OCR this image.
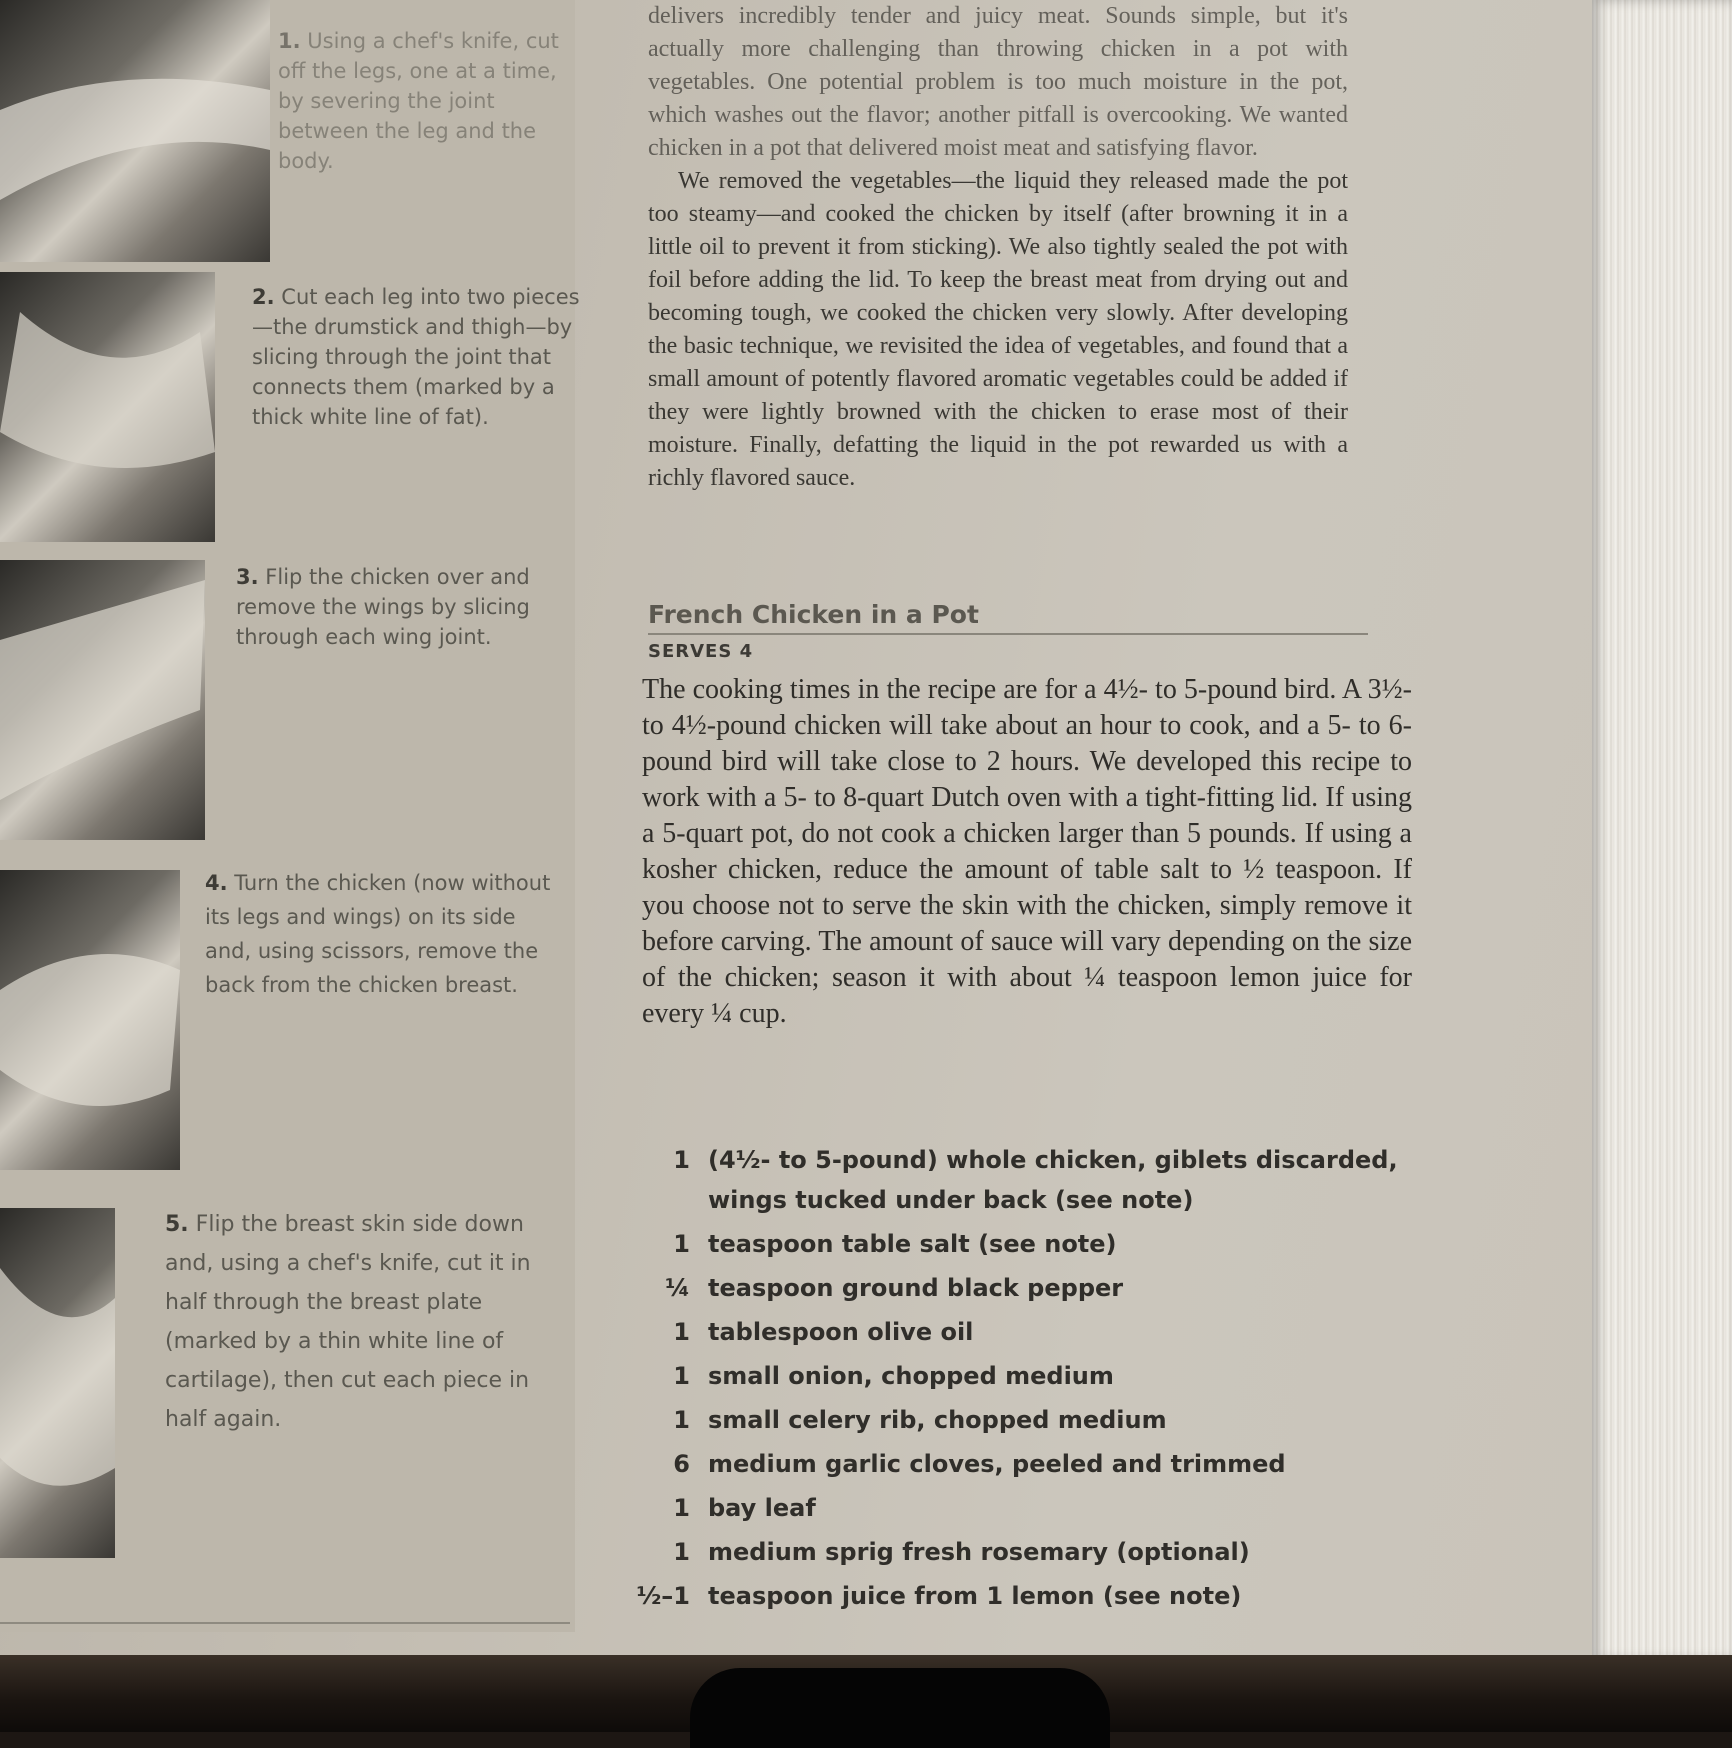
1. Using a chef's knife, cut off the legs, one at a time, by severing the joint between the leg and the body.
2. Cut each leg into two pieces—the drumstick and thigh—by slicing through the joint that connects them (marked by a thick white line of fat).
3. Flip the chicken over and remove the wings by slicing through each wing joint.
4. Turn the chicken (now without its legs and wings) on its side and, using scissors, remove the back from the chicken breast.
5. Flip the breast skin side down and, using a chef's knife, cut it in half through the breast plate (marked by a thin white line of cartilage), then cut each piece in half again.

delivers incredibly tender and juicy meat. Sounds simple, but it's actually more challenging than throwing chicken in a pot with vegetables. One potential problem is too much moisture in the pot, which washes out the flavor; another pitfall is overcooking. We wanted chicken in a pot that delivered moist meat and satisfying flavor.

We removed the vegetables—the liquid they released made the pot too steamy—and cooked the chicken by itself (after browning it in a little oil to prevent it from sticking). We also tightly sealed the pot with foil before adding the lid. To keep the breast meat from drying out and becoming tough, we cooked the chicken very slowly. After developing the basic technique, we revisited the idea of vegetables, and found that a small amount of potently flavored aromatic vegetables could be added if they were lightly browned with the chicken to erase most of their moisture. Finally, defatting the liquid in the pot rewarded us with a richly flavored sauce.

French Chicken in a Pot
SERVES 4

The cooking times in the recipe are for a 4½- to 5-pound bird. A 3½- to 4½-pound chicken will take about an hour to cook, and a 5- to 6-pound bird will take close to 2 hours. We developed this recipe to work with a 5- to 8-quart Dutch oven with a tight-fitting lid. If using a 5-quart pot, do not cook a chicken larger than 5 pounds. If using a kosher chicken, reduce the amount of table salt to ½ teaspoon. If you choose not to serve the skin with the chicken, simply remove it before carving. The amount of sauce will vary depending on the size of the chicken; season it with about ¼ teaspoon lemon juice for every ¼ cup.

1 (4½- to 5-pound) whole chicken, giblets discarded, wings tucked under back (see note)
1 teaspoon table salt (see note)
¼ teaspoon ground black pepper
1 tablespoon olive oil
1 small onion, chopped medium
1 small celery rib, chopped medium
6 medium garlic cloves, peeled and trimmed
1 bay leaf
1 medium sprig fresh rosemary (optional)
½–1 teaspoon juice from 1 lemon (see note)
